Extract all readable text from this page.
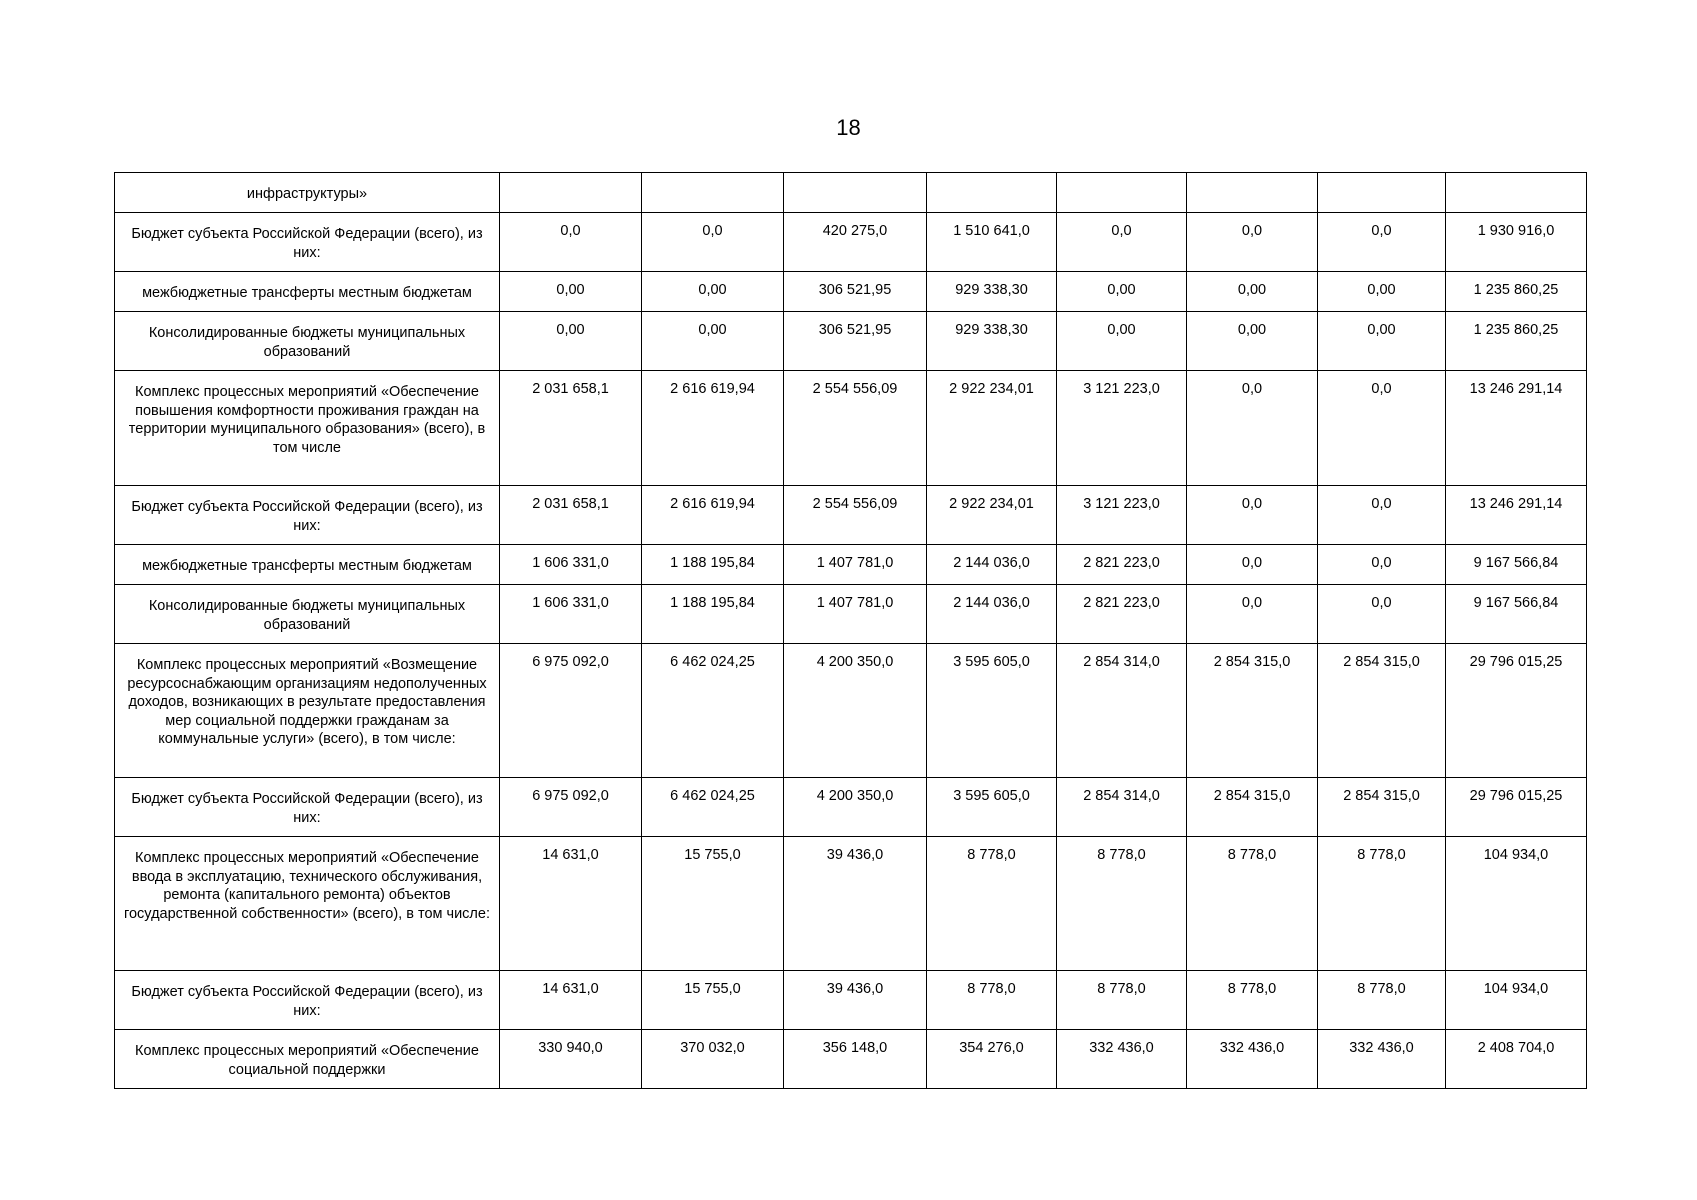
18
инфраструктуры»								
Бюджет субъекта Российской Федерации (всего), из них:	0,0	0,0	420 275,0	1 510 641,0	0,0	0,0	0,0	1 930 916,0
межбюджетные трансферты местным бюджетам	0,00	0,00	306 521,95	929 338,30	0,00	0,00	0,00	1 235 860,25
Консолидированные бюджеты муниципальных образований	0,00	0,00	306 521,95	929 338,30	0,00	0,00	0,00	1 235 860,25
Комплекс процессных мероприятий «Обеспечение повышения комфортности проживания граждан на территории муниципального образования» (всего), в том числе	2 031 658,1	2 616 619,94	2 554 556,09	2 922 234,01	3 121 223,0	0,0	0,0	13 246 291,14
Бюджет субъекта Российской Федерации (всего), из них:	2 031 658,1	2 616 619,94	2 554 556,09	2 922 234,01	3 121 223,0	0,0	0,0	13 246 291,14
межбюджетные трансферты местным бюджетам	1 606 331,0	1 188 195,84	1 407 781,0	2 144 036,0	2 821 223,0	0,0	0,0	9 167 566,84
Консолидированные бюджеты муниципальных образований	1 606 331,0	1 188 195,84	1 407 781,0	2 144 036,0	2 821 223,0	0,0	0,0	9 167 566,84
Комплекс процессных мероприятий «Возмещение ресурсоснабжающим организациям недополученных доходов, возникающих в результате предоставления мер социальной поддержки гражданам за коммунальные услуги» (всего), в том числе:	6 975 092,0	6 462 024,25	4 200 350,0	3 595 605,0	2 854 314,0	2 854 315,0	2 854 315,0	29 796 015,25
Бюджет субъекта Российской Федерации (всего), из них:	6 975 092,0	6 462 024,25	4 200 350,0	3 595 605,0	2 854 314,0	2 854 315,0	2 854 315,0	29 796 015,25
Комплекс процессных мероприятий «Обеспечение ввода в эксплуатацию, технического обслуживания, ремонта (капитального ремонта) объектов государственной собственности» (всего), в том числе:	14 631,0	15 755,0	39 436,0	8 778,0	8 778,0	8 778,0	8 778,0	104 934,0
Бюджет субъекта Российской Федерации (всего), из них:	14 631,0	15 755,0	39 436,0	8 778,0	8 778,0	8 778,0	8 778,0	104 934,0
Комплекс процессных мероприятий «Обеспечение социальной поддержки	330 940,0	370 032,0	356 148,0	354 276,0	332 436,0	332 436,0	332 436,0	2 408 704,0
